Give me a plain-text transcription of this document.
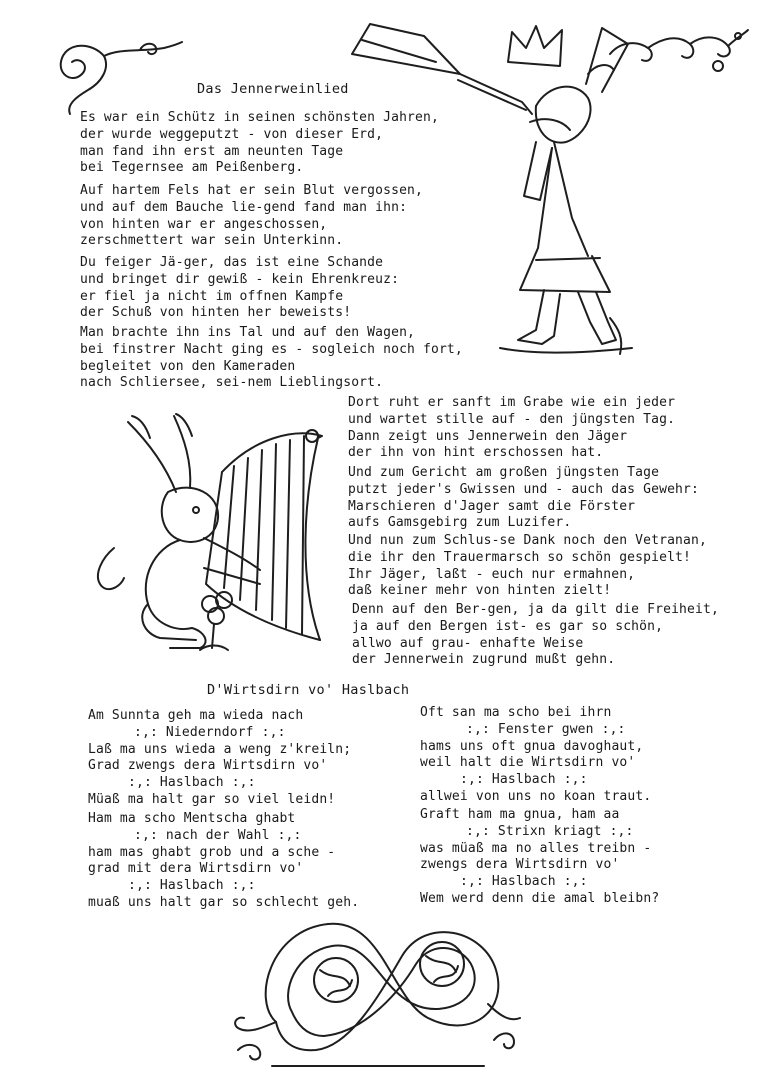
Das Jennerweinlied
Es war ein Schütz in seinen schönsten Jahren,
der wurde weggeputzt - von dieser Erd,
man fand ihn erst am neunten Tage
bei Tegernsee am Peißenberg.
Auf hartem Fels hat er sein Blut vergossen,
und auf dem Bauche lie-gend fand man ihn:
von hinten war er angeschossen,
zerschmettert war sein Unterkinn.
Du feiger Jä-ger, das ist eine Schande
und bringet dir gewiß - kein Ehrenkreuz:
er fiel ja nicht im offnen Kampfe
der Schuß von hinten her beweists!
Man brachte ihn ins Tal und auf den Wagen,
bei finstrer Nacht ging es - sogleich noch fort,
begleitet von den Kameraden
nach Schliersee, sei-nem Lieblingsort.
Dort ruht er sanft im Grabe wie ein jeder
und wartet stille auf - den jüngsten Tag.
Dann zeigt uns Jennerwein den Jäger
der ihn von hint erschossen hat.
Und zum Gericht am großen jüngsten Tage
putzt jeder's Gwissen und - auch das Gewehr:
Marschieren d'Jager samt die Förster
aufs Gamsgebirg zum Luzifer.
Und nun zum Schlus-se Dank noch den Vetranan,
die ihr den Trauermarsch so schön gespielt!
Ihr Jäger, laßt - euch nur ermahnen,
daß keiner mehr von hinten zielt!
Denn auf den Ber-gen, ja da gilt die Freiheit,
ja auf den Bergen ist- es gar so schön,
allwo auf grau- enhafte Weise
der Jennerwein zugrund mußt gehn.
D'Wirtsdirn vo' Haslbach
Am Sunnta geh ma wieda nach
:,: Niederndorf :,:
Laß ma uns wieda a weng z'kreiln;
Grad zwengs dera Wirtsdirn vo'
:,: Haslbach :,:
Müaß ma halt gar so viel leidn!
Ham ma scho Mentscha ghabt
:,: nach der Wahl :,:
ham mas ghabt grob und a sche -
grad mit dera Wirtsdirn vo'
:,: Haslbach :,:
muaß uns halt gar so schlecht geh.
Oft san ma scho bei ihrn
:,: Fenster gwen :,:
hams uns oft gnua davoghaut,
weil halt die Wirtsdirn vo'
:,: Haslbach :,:
allwei von uns no koan traut.
Graft ham ma gnua, ham aa
:,: Strixn kriagt :,:
was müaß ma no alles treibn -
zwengs dera Wirtsdirn vo'
:,: Haslbach :,:
Wem werd denn die amal bleibn?
